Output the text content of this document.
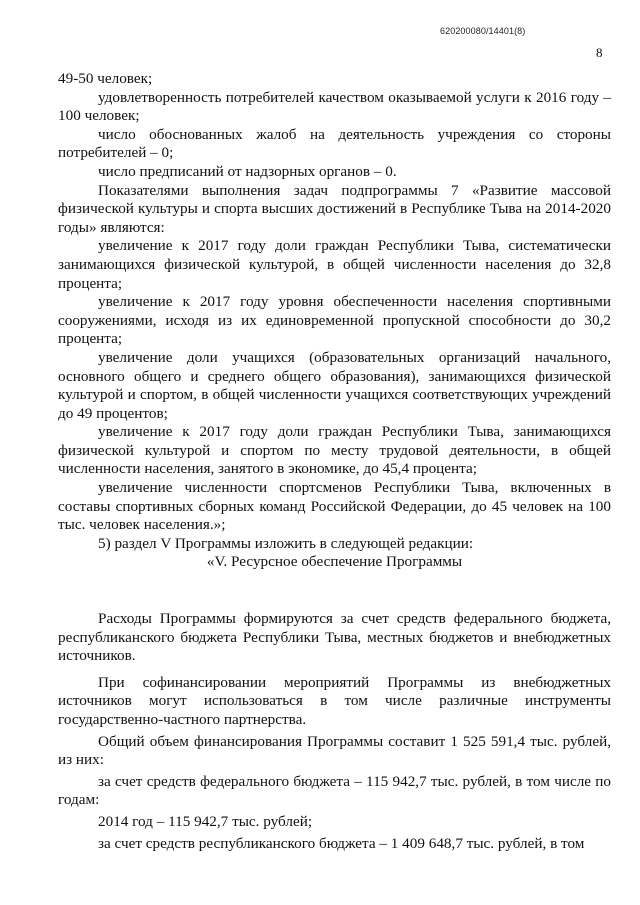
620200080/14401(8)
8

49-50 человек;

удовлетворенность потребителей качеством оказываемой услуги к 2016 году – 100 человек;

число обоснованных жалоб на деятельность учреждения со стороны потребителей – 0;

число предписаний от надзорных органов – 0.

Показателями выполнения задач подпрограммы 7 «Развитие массовой физической культуры и спорта высших достижений в Республике Тыва на 2014-2020 годы» являются:

увеличение к 2017 году доли граждан Республики Тыва, систематически занимающихся физической культурой, в общей численности населения до 32,8 процента;

увеличение к 2017 году уровня обеспеченности населения спортивными сооружениями, исходя из их единовременной пропускной способности до 30,2 процента;

увеличение доли учащихся (образовательных организаций начального, основного общего и среднего общего образования), занимающихся физической культурой и спортом, в общей численности учащихся соответствующих учреждений до 49 процентов;

увеличение к 2017 году доли граждан Республики Тыва, занимающихся физической культурой и спортом по месту трудовой деятельности, в общей численности населения, занятого в экономике, до 45,4 процента;

увеличение численности спортсменов Республики Тыва, включенных в составы спортивных сборных команд Российской Федерации, до 45 человек на 100 тыс. человек населения.»;

5) раздел V Программы изложить в следующей редакции:

«V. Ресурсное обеспечение Программы

Расходы Программы формируются за счет средств федерального бюджета, республиканского бюджета Республики Тыва, местных бюджетов и внебюджетных источников.

При софинансировании мероприятий Программы из внебюджетных источников могут использоваться в том числе различные инструменты государственно-частного партнерства.

Общий объем финансирования Программы составит 1 525 591,4 тыс. рублей, из них:

за счет средств федерального бюджета – 115 942,7 тыс. рублей, в том числе по годам:

2014 год – 115 942,7 тыс. рублей;

за счет средств республиканского бюджета – 1 409 648,7 тыс. рублей, в том
